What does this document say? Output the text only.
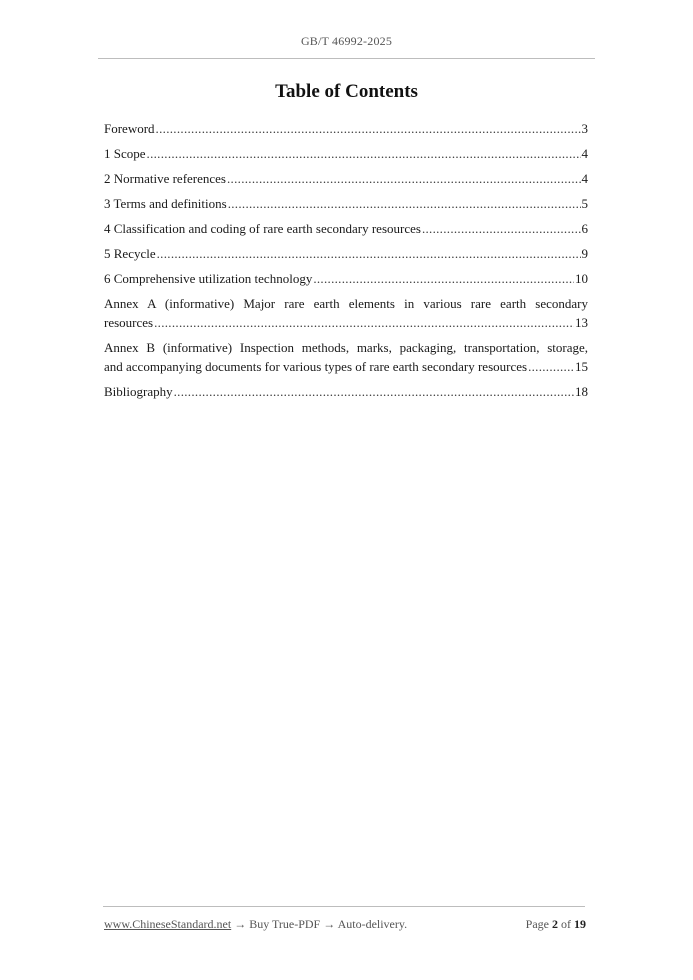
GB/T 46992-2025
Table of Contents
Foreword .....	3
1 Scope .....	4
2 Normative references .....	4
3 Terms and definitions .....	5
4 Classification and coding of rare earth secondary resources .....	6
5 Recycle .....	9
6 Comprehensive utilization technology .....	10
Annex A (informative) Major rare earth elements in various rare earth secondary
resources .....	13
Annex B (informative) Inspection methods, marks, packaging, transportation, storage,
and accompanying documents for various types of rare earth secondary resources .....	15
Bibliography .....	18
www.ChineseStandard.net → Buy True-PDF → Auto-delivery.	Page 2 of 19
